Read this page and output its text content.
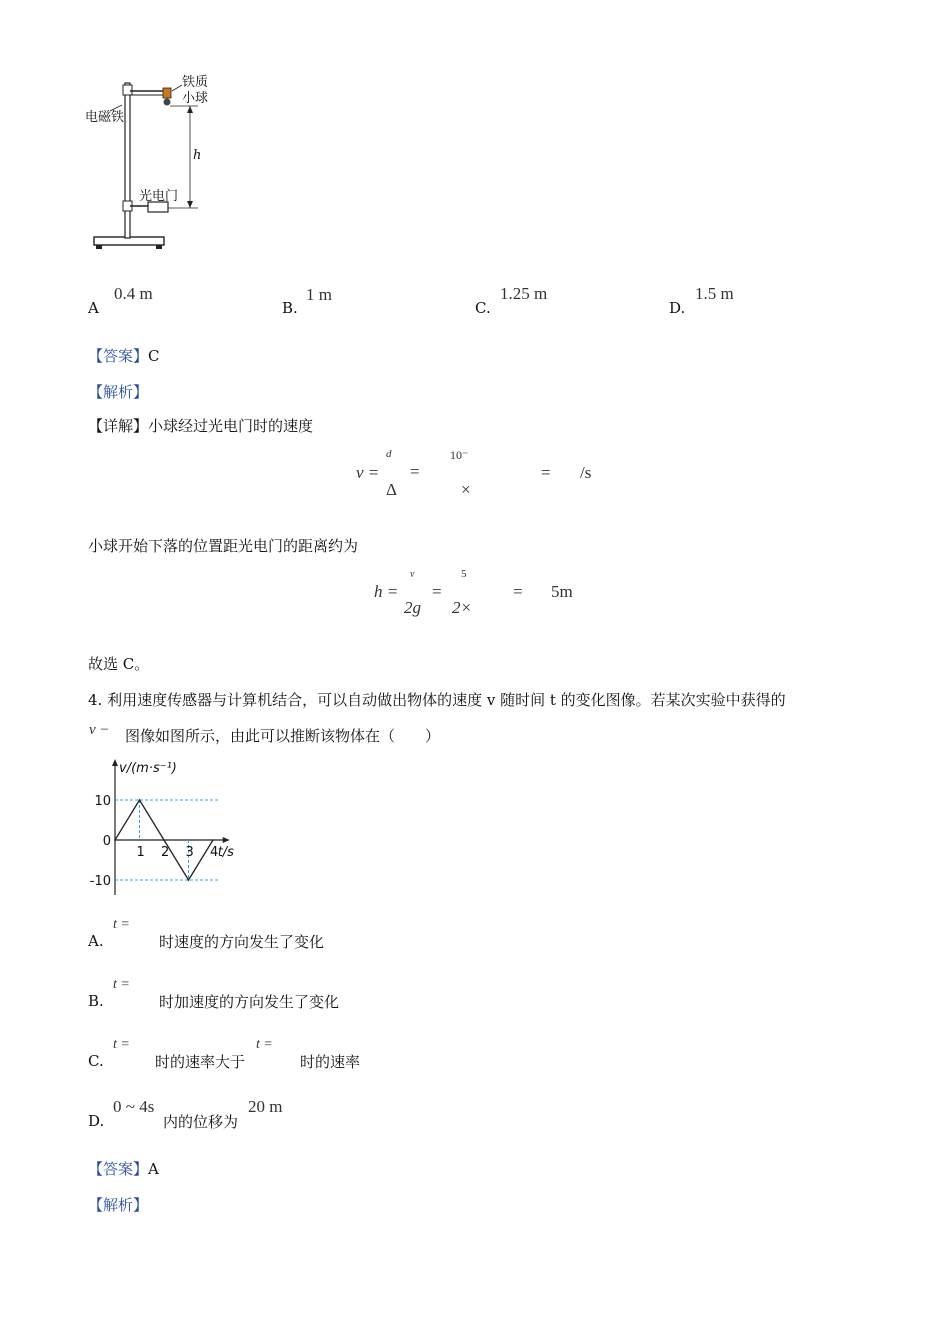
铁质
小球
电磁铁
h
光电门
A
0.4 m
B.
1 m
C.
1.25 m
D.
1.5 m
【答案】C
【解析】
【详解】小球经过光电门时的速度
v =
d
=
10⁻
Δ	×
= /s
小球开始下落的位置距光电门的距离约为
h =
v
2g
=
5
2×
= 5m
故选 C。
4. 利用速度传感器与计算机结合，可以自动做出物体的速度 v 随时间 t 的变化图像。若某次实验中获得的
v − 图像如图所示，由此可以推断该物体在（　　）
1 2 3 4
10
0
-10
v/(m·s⁻¹)
t/s
A.
t =
时速度的方向发生了变化
B.
t =
时加速度的方向发生了变化
C.
t =
时的速率大于
t =
时的速率
D.
0 ~ 4s
内的位移为
20 m
【答案】A
【解析】
